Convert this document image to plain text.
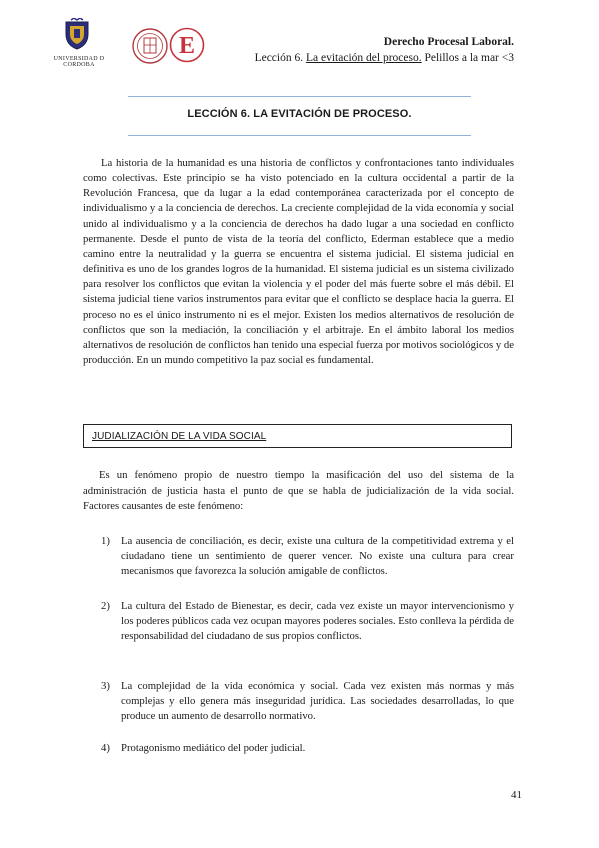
UNIVERSIDAD D CORDOBA
E	Derecho Procesal Laboral.
Lección 6. La evitación del proceso. Pelillos a la mar <3
LECCIÓN 6. LA EVITACIÓN DE PROCESO.

La historia de la humanidad es una historia de conflictos y confrontaciones tanto individuales como colectivas. Este principio se ha visto potenciado en la cultura occidental a partir de la Revolución Francesa, que da lugar a la edad contemporánea caracterizada por el concepto de individualismo y a la conciencia de derechos. La creciente complejidad de la vida economía y social unido al individualismo y a la conciencia de derechos ha dado lugar a una sociedad en conflicto permanente. Desde el punto de vista de la teoría del conflicto, Ederman establece que a medio camino entre la neutralidad y la guerra se encuentra el sistema judicial. El sistema judicial en definitiva es uno de los grandes logros de la humanidad. El sistema judicial es un sistema civilizado para resolver los conflictos que evitan la violencia y el poder del más fuerte sobre el más débil. El sistema judicial tiene varios instrumentos para evitar que el conflicto se desplace hacia la guerra. El proceso no es el único instrumento ni es el mejor. Existen los medios alternativos de resolución de conflictos que son la mediación, la conciliación y el arbitraje. En el ámbito laboral los medios alternativos de resolución de conflictos han tenido una especial fuerza por motivos sociológicos y de producción. En un mundo competitivo la paz social es fundamental.

JUDIALIZACIÓN DE LA VIDA SOCIAL

Es un fenómeno propio de nuestro tiempo la masificación del uso del sistema de la administración de justicia hasta el punto de que se habla de judicialización de la vida social. Factores causantes de este fenómeno:

1) La ausencia de conciliación, es decir, existe una cultura de la competitividad extrema y el ciudadano tiene un sentimiento de querer vencer. No existe una cultura para crear mecanismos que favorezca la solución amigable de conflictos.

2) La cultura del Estado de Bienestar, es decir, cada vez existe un mayor intervencionismo y los poderes públicos cada vez ocupan mayores poderes sociales. Esto conlleva la pérdida de responsabilidad del ciudadano de sus propios conflictos.

3) La complejidad de la vida económica y social. Cada vez existen más normas y más complejas y ello genera más inseguridad jurídica. Las sociedades desarrolladas, lo que produce un aumento de desarrollo normativo.

4) Protagonismo mediático del poder judicial.

41
